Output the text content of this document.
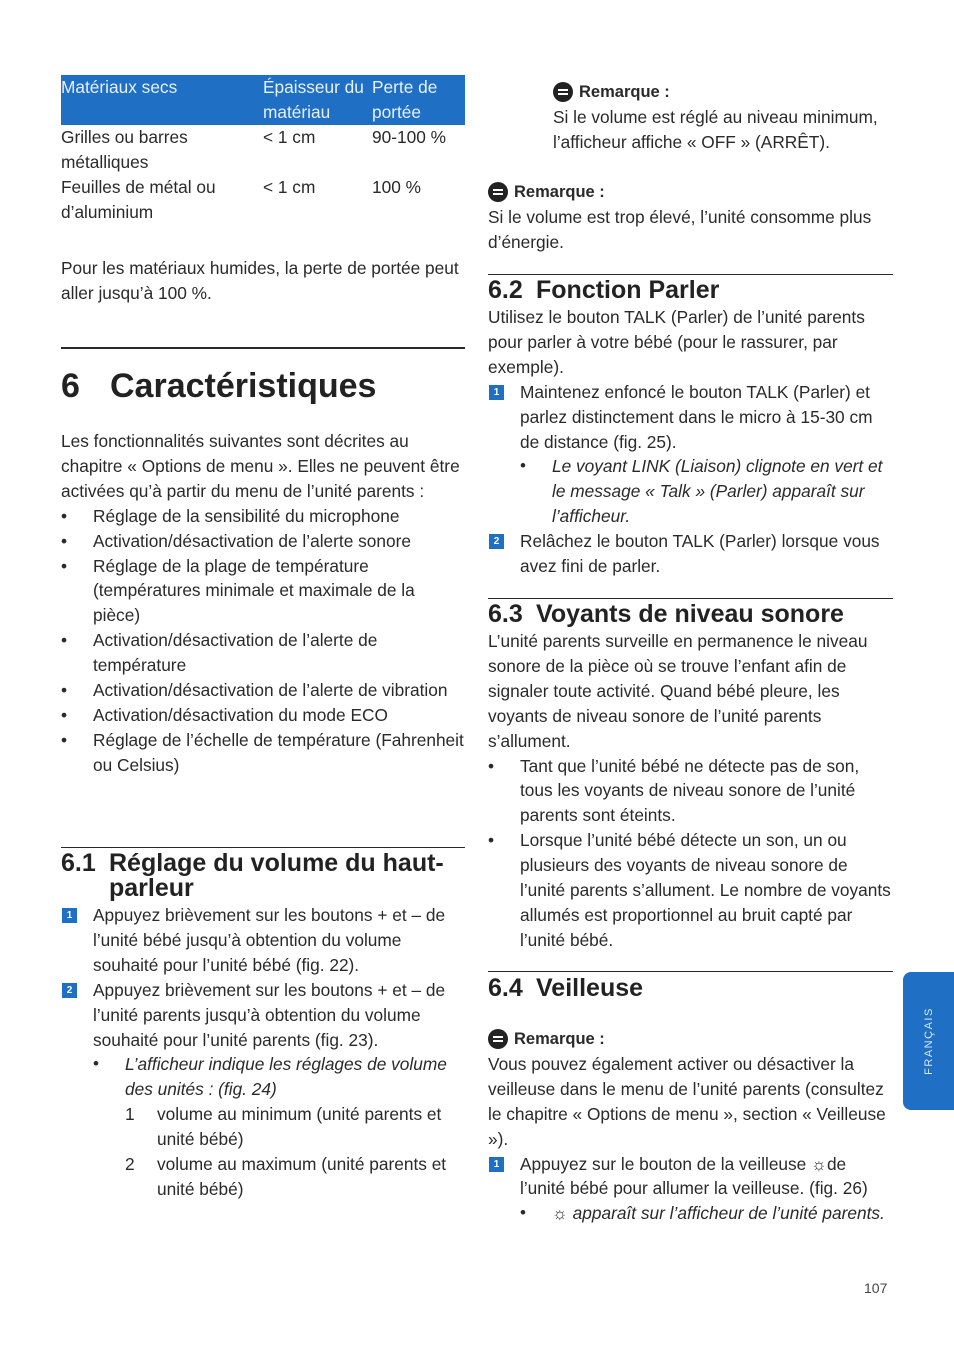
Matériaux secs	Épaisseur du matériau	Perte de portée
Grilles ou barres métalliques	< 1 cm	90-100 %
Feuilles de métal ou d’aluminium	< 1 cm	100 %

Pour les matériaux humides, la perte de portée peut aller jusqu’à 100 %.

6 Caractéristiques

Les fonctionnalités suivantes sont décrites au chapitre « Options de menu ». Elles ne peuvent être activées qu’à partir du menu de l’unité parents :

• Réglage de la sensibilité du microphone
• Activation/désactivation de l’alerte sonore
• Réglage de la plage de température (températures minimale et maximale de la pièce)
• Activation/désactivation de l’alerte de température
• Activation/désactivation de l’alerte de vibration
• Activation/désactivation du mode ECO
• Réglage de l’échelle de température (Fahrenheit ou Celsius)
6.1 Réglage du volume du haut-parleur
1 Appuyez brièvement sur les boutons + et – de l’unité bébé jusqu’à obtention du volume souhaité pour l’unité bébé (fig. 22).

2 Appuyez brièvement sur les boutons + et – de l’unité parents jusqu’à obtention du volume souhaité pour l’unité parents (fig. 23).

• L’afficheur indique les réglages de volume des unités : (fig. 24)

1 volume au minimum (unité parents et unité bébé)

2 volume au maximum (unité parents et unité bébé)

Remarque :

Si le volume est réglé au niveau minimum, l’afficheur affiche « OFF » (ARRÊT).

Remarque :

Si le volume est trop élevé, l’unité consomme plus d’énergie.

6.2 Fonction Parler

Utilisez le bouton TALK (Parler) de l’unité parents pour parler à votre bébé (pour le rassurer, par exemple).

1 Maintenez enfoncé le bouton TALK (Parler) et parlez distinctement dans le micro à 15-30 cm de distance (fig. 25).

• Le voyant LINK (Liaison) clignote en vert et le message « Talk » (Parler) apparaît sur l’afficheur.

2 Relâchez le bouton TALK (Parler) lorsque vous avez fini de parler.

6.3 Voyants de niveau sonore

L’unité parents surveille en permanence le niveau sonore de la pièce où se trouve l’enfant afin de signaler toute activité. Quand bébé pleure, les voyants de niveau sonore de l’unité parents s’allument.

• Tant que l’unité bébé ne détecte pas de son, tous les voyants de niveau sonore de l’unité parents sont éteints.
• Lorsque l’unité bébé détecte un son, un ou plusieurs des voyants de niveau sonore de l’unité parents s’allument. Le nombre de voyants allumés est proportionnel au bruit capté par l’unité bébé.
6.4 Veilleuse
Remarque :

Vous pouvez également activer ou désactiver la veilleuse dans le menu de l’unité parents (consultez le chapitre « Options de menu », section « Veilleuse »).

1 Appuyez sur le bouton de la veilleuse ☼de l’unité bébé pour allumer la veilleuse. (fig. 26)

• ☼ apparaît sur l’afficheur de l’unité parents.

FRANÇAIS
107
